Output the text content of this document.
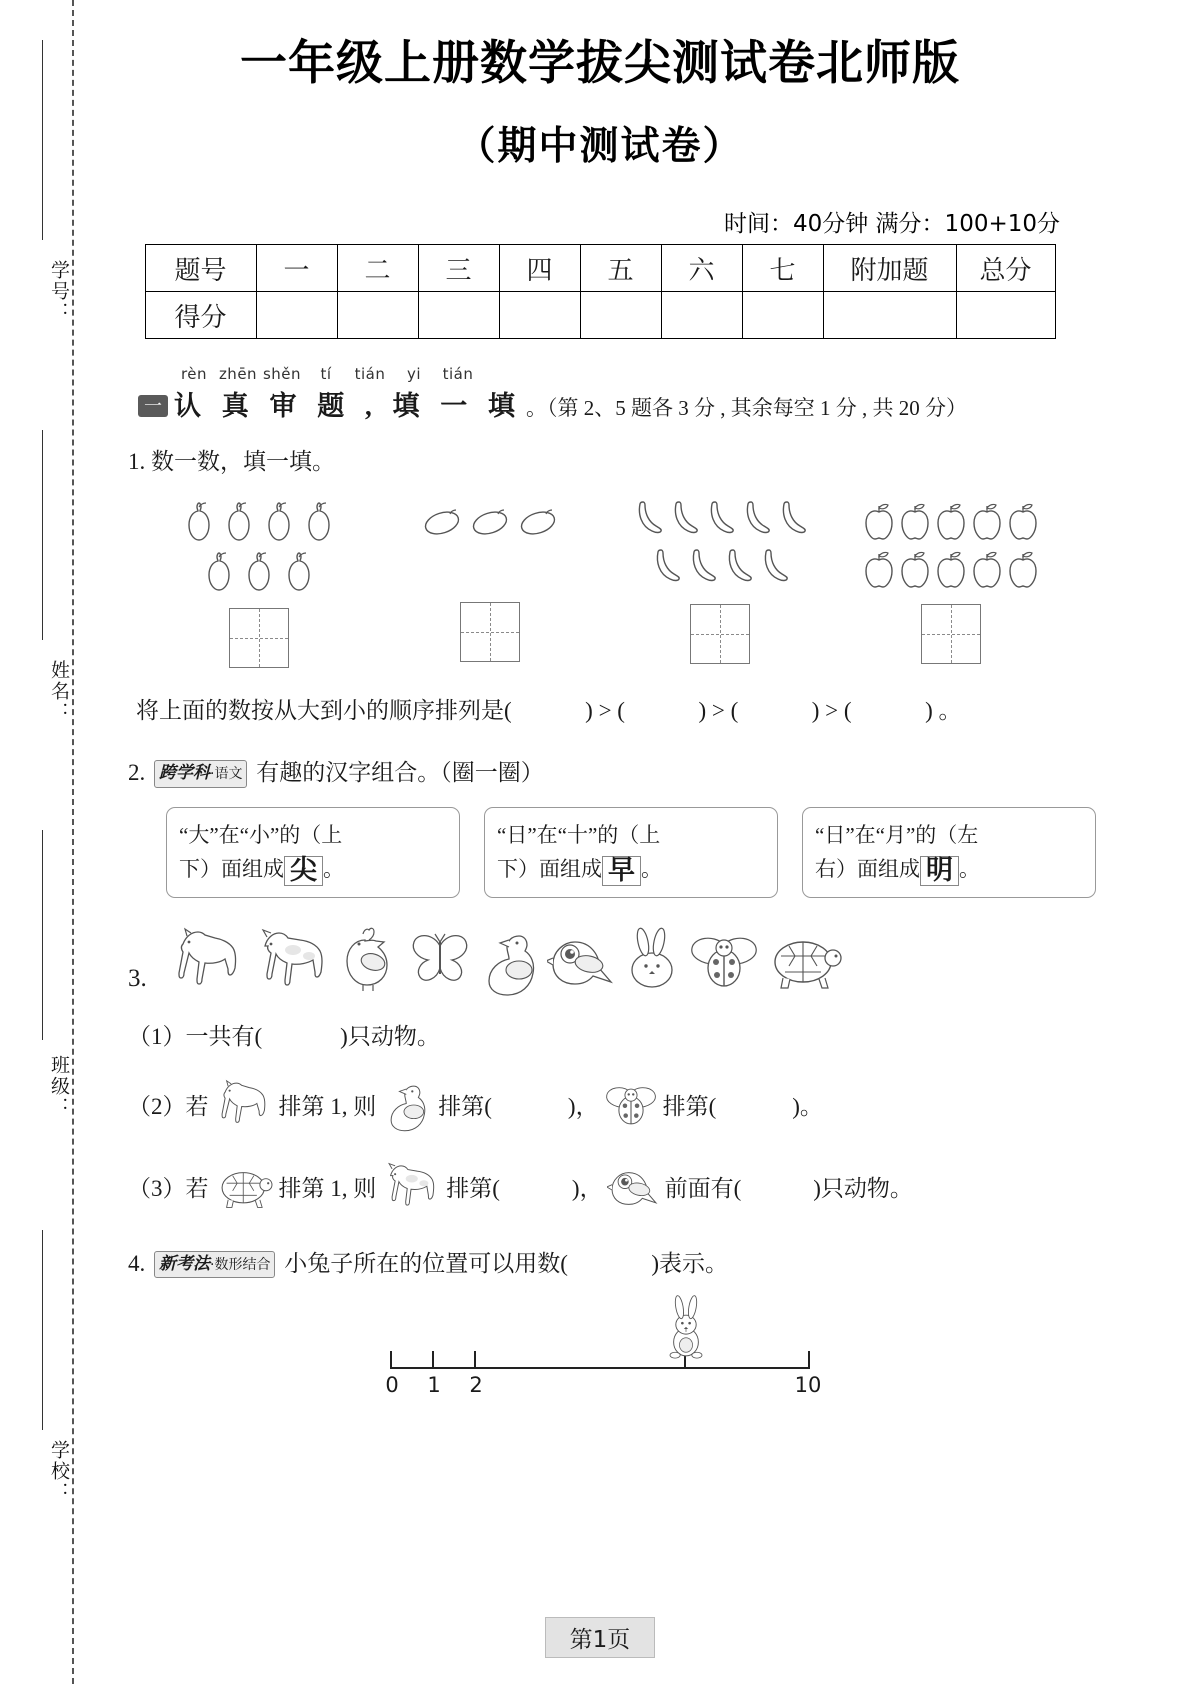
学号：
姓名：
班级：
学校：
一年级上册数学拔尖测试卷北师版
（期中测试卷）
时间：40分钟 满分：100+10分
题号	一	二	三	四	五	六	七	附加题	总分
得分									
rèn zhēn shěn tí tián yi tián
一 认 真 审 题 , 填 一 填 。（第 2、5 题各 3 分 , 其余每空 1 分 , 共 20 分）
1. 数一数，填一填。
将上面的数按从大到小的顺序排列是(	) > (	) > (	) > (	) 。
2. 跨学科·语文 有趣的汉字组合。（圈一圈）
“大”在“小”的（上
下）面组成 尖 。
“日”在“十”的（上
下）面组成 早 。
“日”在“月”的（左
右）面组成 明 。
3.
（1） 一共有(	)只动物。
（2） 若	排第 1, 则	排第(	)，	排第(	)。
（3） 若	排第 1, 则	排第(	)，	前面有(	)只动物。
4. 新考法·数形结合 小兔子所在的位置可以用数(	)表示。
0 1 2	10
第1页
